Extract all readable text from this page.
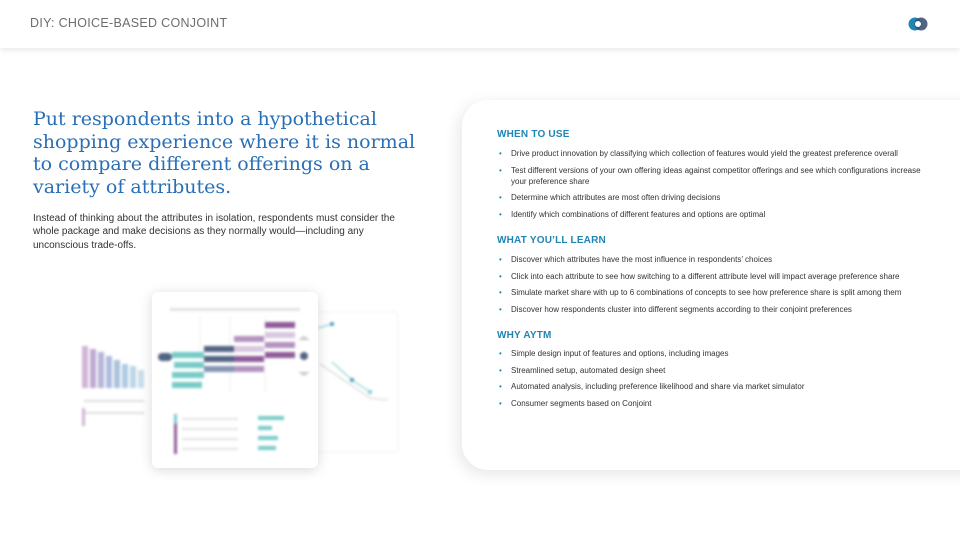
DIY: CHOICE-BASED CONJOINT
Put respondents into a hypothetical shopping experience where it is normal to compare different offerings on a variety of attributes.

Instead of thinking about the attributes in isolation, respondents must consider the whole package and make decisions as they normally would—including any unconscious trade-offs.

WHEN TO USE
• Drive product innovation by classifying which collection of features would yield the greatest preference overall
• Test different versions of your own offering ideas against competitor offerings and see which configurations increase your preference share
• Determine which attributes are most often driving decisions
• Identify which combinations of different features and options are optimal
WHAT YOU’LL LEARN
• Discover which attributes have the most influence in respondents’ choices
• Click into each attribute to see how switching to a different attribute level will impact average preference share
• Simulate market share with up to 6 combinations of concepts to see how preference share is split among them
• Discover how respondents cluster into different segments according to their conjoint preferences
WHY AYTM
• Simple design input of features and options, including images
• Streamlined setup, automated design sheet
• Automated analysis, including preference likelihood and share via market simulator
• Consumer segments based on Conjoint
